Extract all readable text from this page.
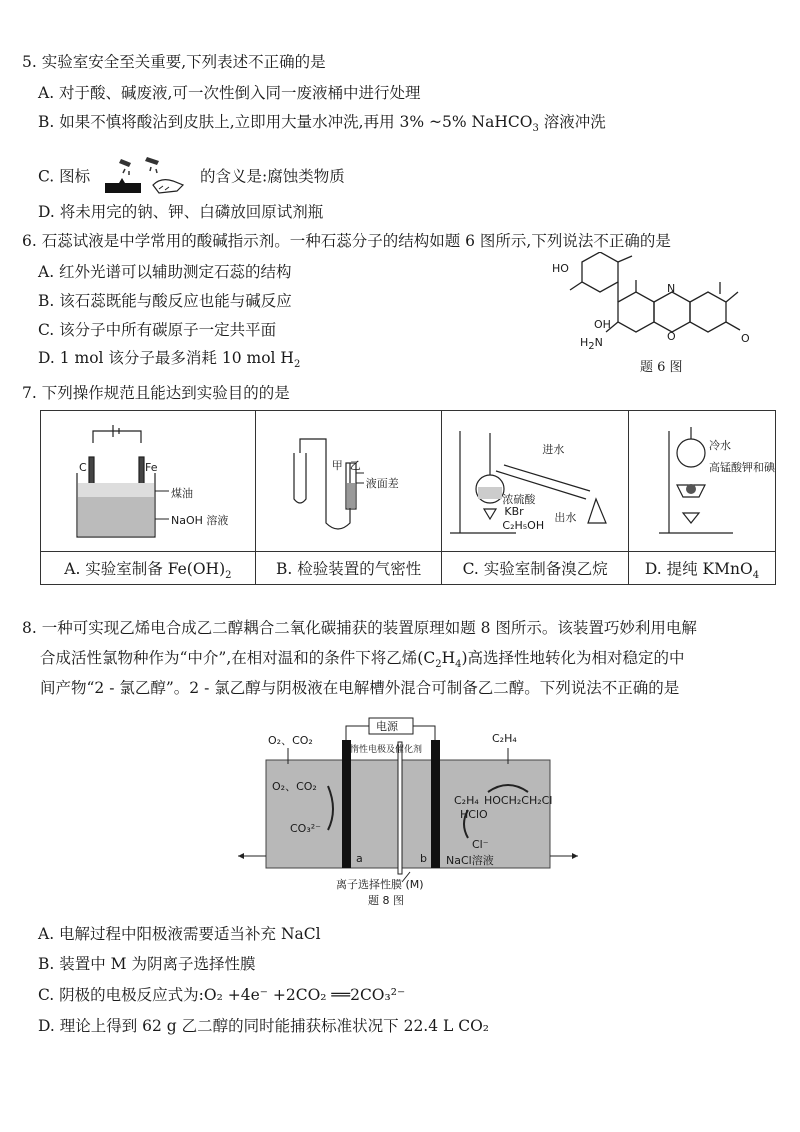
5. 实验室安全至关重要,下列表述不正确的是
A. 对于酸、碱废液,可一次性倒入同一废液桶中进行处理
B. 如果不慎将酸沾到皮肤上,立即用大量水冲洗,再用 3% ~5% NaHCO$_3$ 溶液冲洗
C. 图标	的含义是:腐蚀类物质
D. 将未用完的钠、钾、白磷放回原试剂瓶
6. 石蕊试液是中学常用的酸碱指示剂。一种石蕊分子的结构如题 6 图所示,下列说法不正确的是
A. 红外光谱可以辅助测定石蕊的结构
B. 该石蕊既能与酸反应也能与碱反应
C. 该分子中所有碳原子一定共平面
D. 1 mol 该分子最多消耗 10 mol $H_2$
HO
OH
$H_2N$
N
O	O
题 6 图
7. 下列操作规范且能达到实验目的的是
C Fe
煤油
NaOH 溶液	甲 乙
液面差	进水
浓硫酸
KBr
C₂H₅OH
出水	冷水
高锰酸钾和碘

A. 实验室制备 $Fe(OH)_2$	B. 检验装置的气密性	C. 实验室制备溴乙烷	D. 提纯 KMnO$_4$
8. 一种可实现乙烯电合成乙二醇耦合二氧化碳捕获的装置原理如题 8 图所示。该装置巧妙利用电解
合成活性氯物种作为“中介”,在相对温和的条件下将乙烯$(C_2H_4)$高选择性地转化为相对稳定的中
间产物“2 - 氯乙醇”。2 - 氯乙醇与阴极液在电解槽外混合可制备乙二醇。下列说法不正确的是
O₂、CO₂
电源
C₂H₄
惰性电极及催化剂
O₂、CO₂
CO₃²⁻
C₂H₄ HOCH₂CH₂Cl
HClO
Cl⁻
a	b NaCl溶液
离子选择性膜 (M)
题 8 图
A. 电解过程中阳极液需要适当补充 NaCl
B. 装置中 M 为阴离子选择性膜
C. 阴极的电极反应式为:O₂ +4e⁻ +2CO₂ ══2CO₃²⁻
D. 理论上得到 62 g 乙二醇的同时能捕获标准状况下 22.4 L CO₂
